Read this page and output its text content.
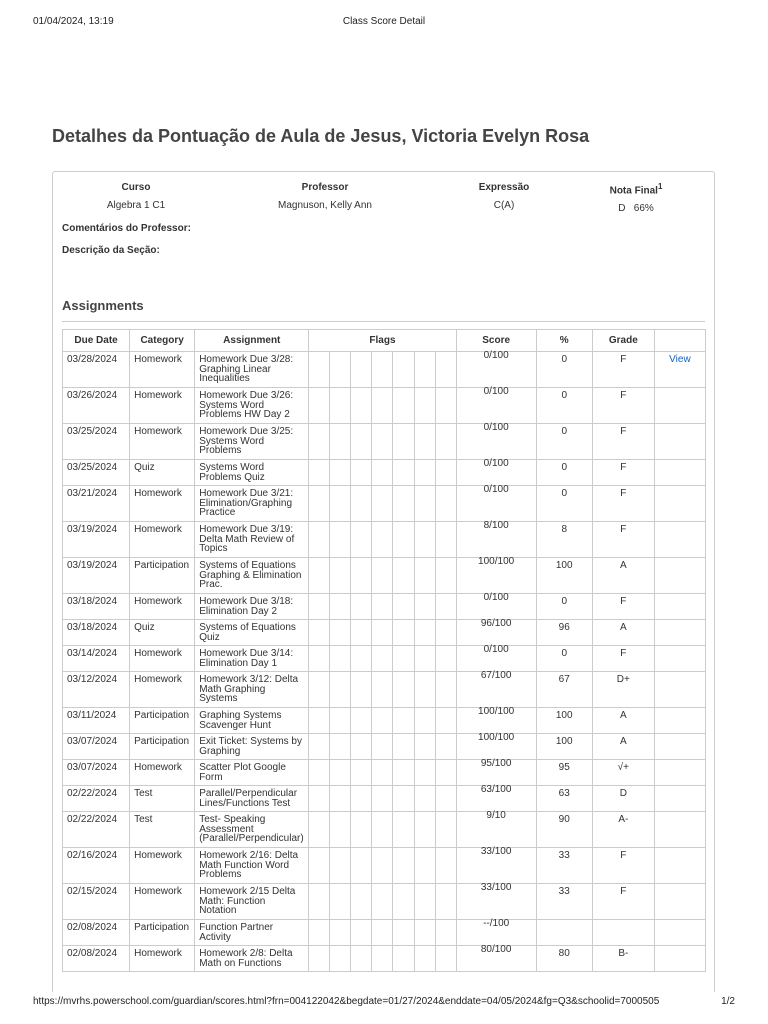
01/04/2024, 13:19	Class Score Detail
Detalhes da Pontuação de Aula de Jesus, Victoria Evelyn Rosa
Curso
Algebra 1 C1
Professor
Magnuson, Kelly Ann
Expressão
C(A)
Nota Final$^1$
D 66%
Comentários do Professor:
Descrição da Seção:
Assignments
Due Date	Category	Assignment	Flags							Score	%	Grade	
03/28/2024	Homework	Homework Due 3/28: Graphing Linear Inequalities								0/100	0	F	View
03/26/2024	Homework	Homework Due 3/26: Systems Word Problems HW Day 2								0/100	0	F	
03/25/2024	Homework	Homework Due 3/25: Systems Word Problems								0/100	0	F	
03/25/2024	Quiz	Systems Word Problems Quiz								0/100	0	F	
03/21/2024	Homework	Homework Due 3/21: Elimination/Graphing Practice								0/100	0	F	
03/19/2024	Homework	Homework Due 3/19: Delta Math Review of Topics								8/100	8	F	
03/19/2024	Participation	Systems of Equations Graphing & Elimination Prac.								100/100	100	A	
03/18/2024	Homework	Homework Due 3/18: Elimination Day 2								0/100	0	F	
03/18/2024	Quiz	Systems of Equations Quiz								96/100	96	A	
03/14/2024	Homework	Homework Due 3/14: Elimination Day 1								0/100	0	F	
03/12/2024	Homework	Homework 3/12: Delta Math Graphing Systems								67/100	67	D+	
03/11/2024	Participation	Graphing Systems Scavenger Hunt								100/100	100	A	
03/07/2024	Participation	Exit Ticket: Systems by Graphing								100/100	100	A	
03/07/2024	Homework	Scatter Plot Google Form								95/100	95	√+	
02/22/2024	Test	Parallel/Perpendicular Lines/Functions Test								63/100	63	D	
02/22/2024	Test	Test- Speaking Assessment (Parallel/Perpendicular)								9/10	90	A-	
02/16/2024	Homework	Homework 2/16: Delta Math Function Word Problems								33/100	33	F	
02/15/2024	Homework	Homework 2/15 Delta Math: Function Notation								33/100	33	F	
02/08/2024	Participation	Function Partner Activity								--/100			
02/08/2024	Homework	Homework 2/8: Delta Math on Functions								80/100	80	B-	
https://mvrhs.powerschool.com/guardian/scores.html?frn=004122042&begdate=01/27/2024&enddate=04/05/2024&fg=Q3&schoolid=7000505	1/2
